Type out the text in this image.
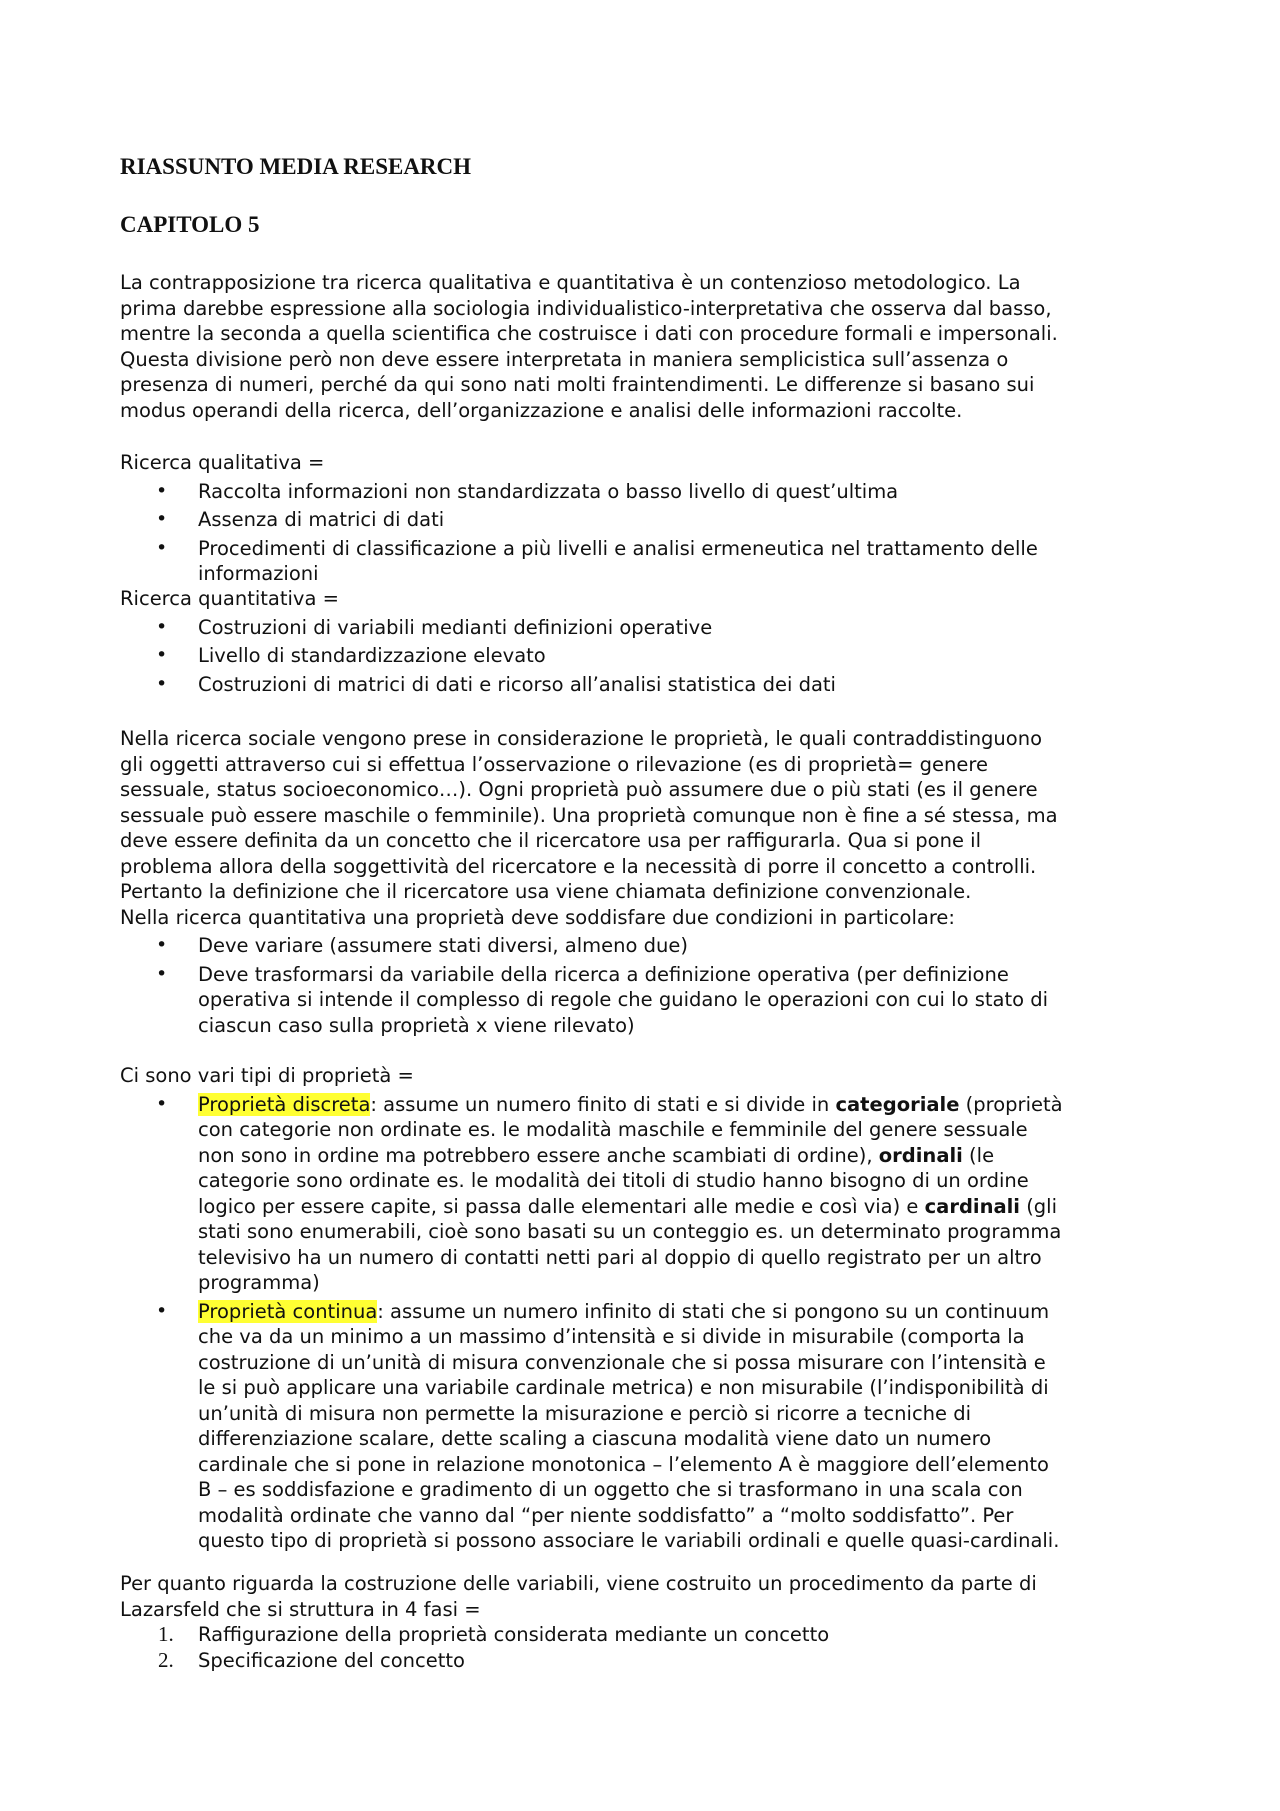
RIASSUNTO MEDIA RESEARCH
CAPITOLO 5
La contrapposizione tra ricerca qualitativa e quantitativa è un contenzioso metodologico. La
prima darebbe espressione alla sociologia individualistico-interpretativa che osserva dal basso,
mentre la seconda a quella scientifica che costruisce i dati con procedure formali e impersonali.
Questa divisione però non deve essere interpretata in maniera semplicistica sull’assenza o
presenza di numeri, perché da qui sono nati molti fraintendimenti. Le differenze si basano sui
modus operandi della ricerca, dell’organizzazione e analisi delle informazioni raccolte.
Ricerca qualitativa =
• Raccolta informazioni non standardizzata o basso livello di quest’ultima
• Assenza di matrici di dati
• Procedimenti di classificazione a più livelli e analisi ermeneutica nel trattamento delle
informazioni
Ricerca quantitativa =
• Costruzioni di variabili medianti definizioni operative
• Livello di standardizzazione elevato
• Costruzioni di matrici di dati e ricorso all’analisi statistica dei dati
Nella ricerca sociale vengono prese in considerazione le proprietà, le quali contraddistinguono
gli oggetti attraverso cui si effettua l’osservazione o rilevazione (es di proprietà= genere
sessuale, status socioeconomico…). Ogni proprietà può assumere due o più stati (es il genere
sessuale può essere maschile o femminile). Una proprietà comunque non è fine a sé stessa, ma
deve essere definita da un concetto che il ricercatore usa per raffigurarla. Qua si pone il
problema allora della soggettività del ricercatore e la necessità di porre il concetto a controlli.
Pertanto la definizione che il ricercatore usa viene chiamata definizione convenzionale.
Nella ricerca quantitativa una proprietà deve soddisfare due condizioni in particolare:
• Deve variare (assumere stati diversi, almeno due)
• Deve trasformarsi da variabile della ricerca a definizione operativa (per definizione
operativa si intende il complesso di regole che guidano le operazioni con cui lo stato di
ciascun caso sulla proprietà x viene rilevato)
Ci sono vari tipi di proprietà =
• Proprietà discreta: assume un numero finito di stati e si divide in categoriale (proprietà
con categorie non ordinate es. le modalità maschile e femminile del genere sessuale
non sono in ordine ma potrebbero essere anche scambiati di ordine), ordinali (le
categorie sono ordinate es. le modalità dei titoli di studio hanno bisogno di un ordine
logico per essere capite, si passa dalle elementari alle medie e così via) e cardinali (gli
stati sono enumerabili, cioè sono basati su un conteggio es. un determinato programma
televisivo ha un numero di contatti netti pari al doppio di quello registrato per un altro
programma)
• Proprietà continua: assume un numero infinito di stati che si pongono su un continuum
che va da un minimo a un massimo d’intensità e si divide in misurabile (comporta la
costruzione di un’unità di misura convenzionale che si possa misurare con l’intensità e
le si può applicare una variabile cardinale metrica) e non misurabile (l’indisponibilità di
un’unità di misura non permette la misurazione e perciò si ricorre a tecniche di
differenziazione scalare, dette scaling a ciascuna modalità viene dato un numero
cardinale che si pone in relazione monotonica – l’elemento A è maggiore dell’elemento
B – es soddisfazione e gradimento di un oggetto che si trasformano in una scala con
modalità ordinate che vanno dal “per niente soddisfatto” a “molto soddisfatto”. Per
questo tipo di proprietà si possono associare le variabili ordinali e quelle quasi-cardinali.
Per quanto riguarda la costruzione delle variabili, viene costruito un procedimento da parte di
Lazarsfeld che si struttura in 4 fasi =
1. Raffigurazione della proprietà considerata mediante un concetto
2. Specificazione del concetto
